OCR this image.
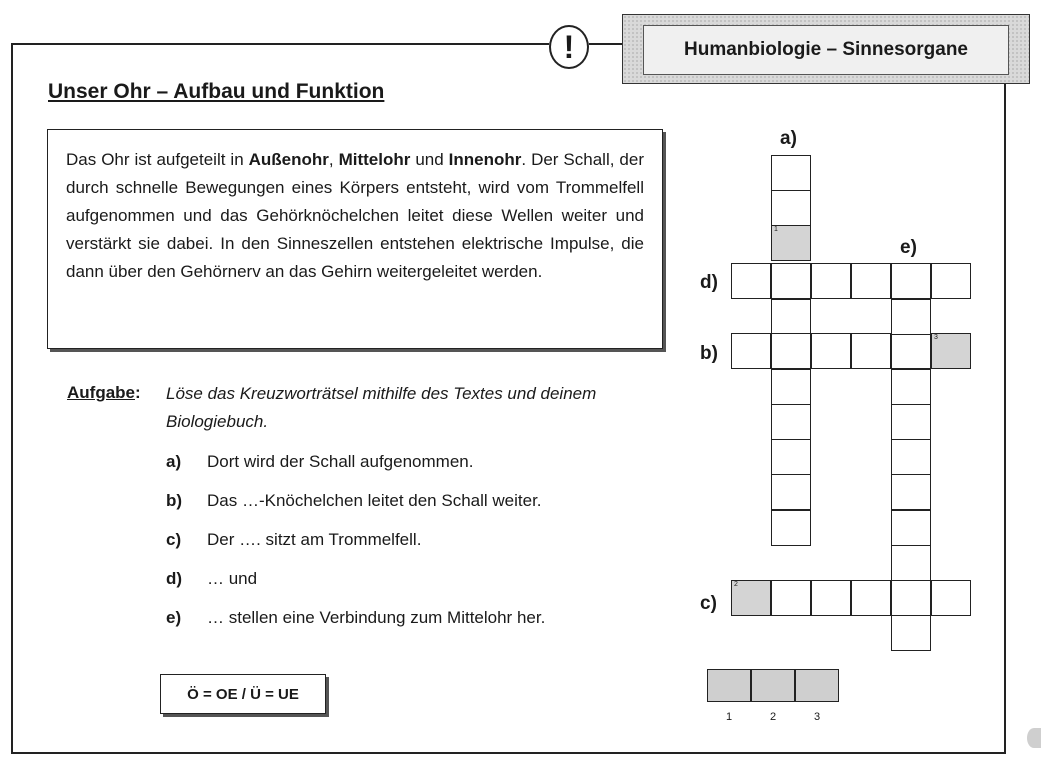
!	Humanbiologie – Sinnesorgane
Unser Ohr – Aufbau und Funktion
Das Ohr ist aufgeteilt in Außenohr, Mittelohr und Innenohr. Der Schall, der durch schnelle Bewegungen eines Körpers entsteht, wird vom Trommelfell aufgenommen und das Gehörknöchelchen leitet diese Wellen weiter und verstärkt sie dabei. In den Sinneszellen entstehen elektrische Impulse, die dann über den Gehörnerv an das Gehirn weitergeleitet werden.
Aufgabe: Löse das Kreuzworträtsel mithilfe des Textes und deinem Biologiebuch.
a)	Dort wird der Schall aufgenommen.
b)	Das …-Knöchelchen leitet den Schall weiter.
c)	Der …. sitzt am Trommelfell.
d)	… und
e)	… stellen eine Verbindung zum Mittelohr her.
Ö = OE / Ü = UE
a)
e)
d)
b)
c)
1
3
2
1	2	3
